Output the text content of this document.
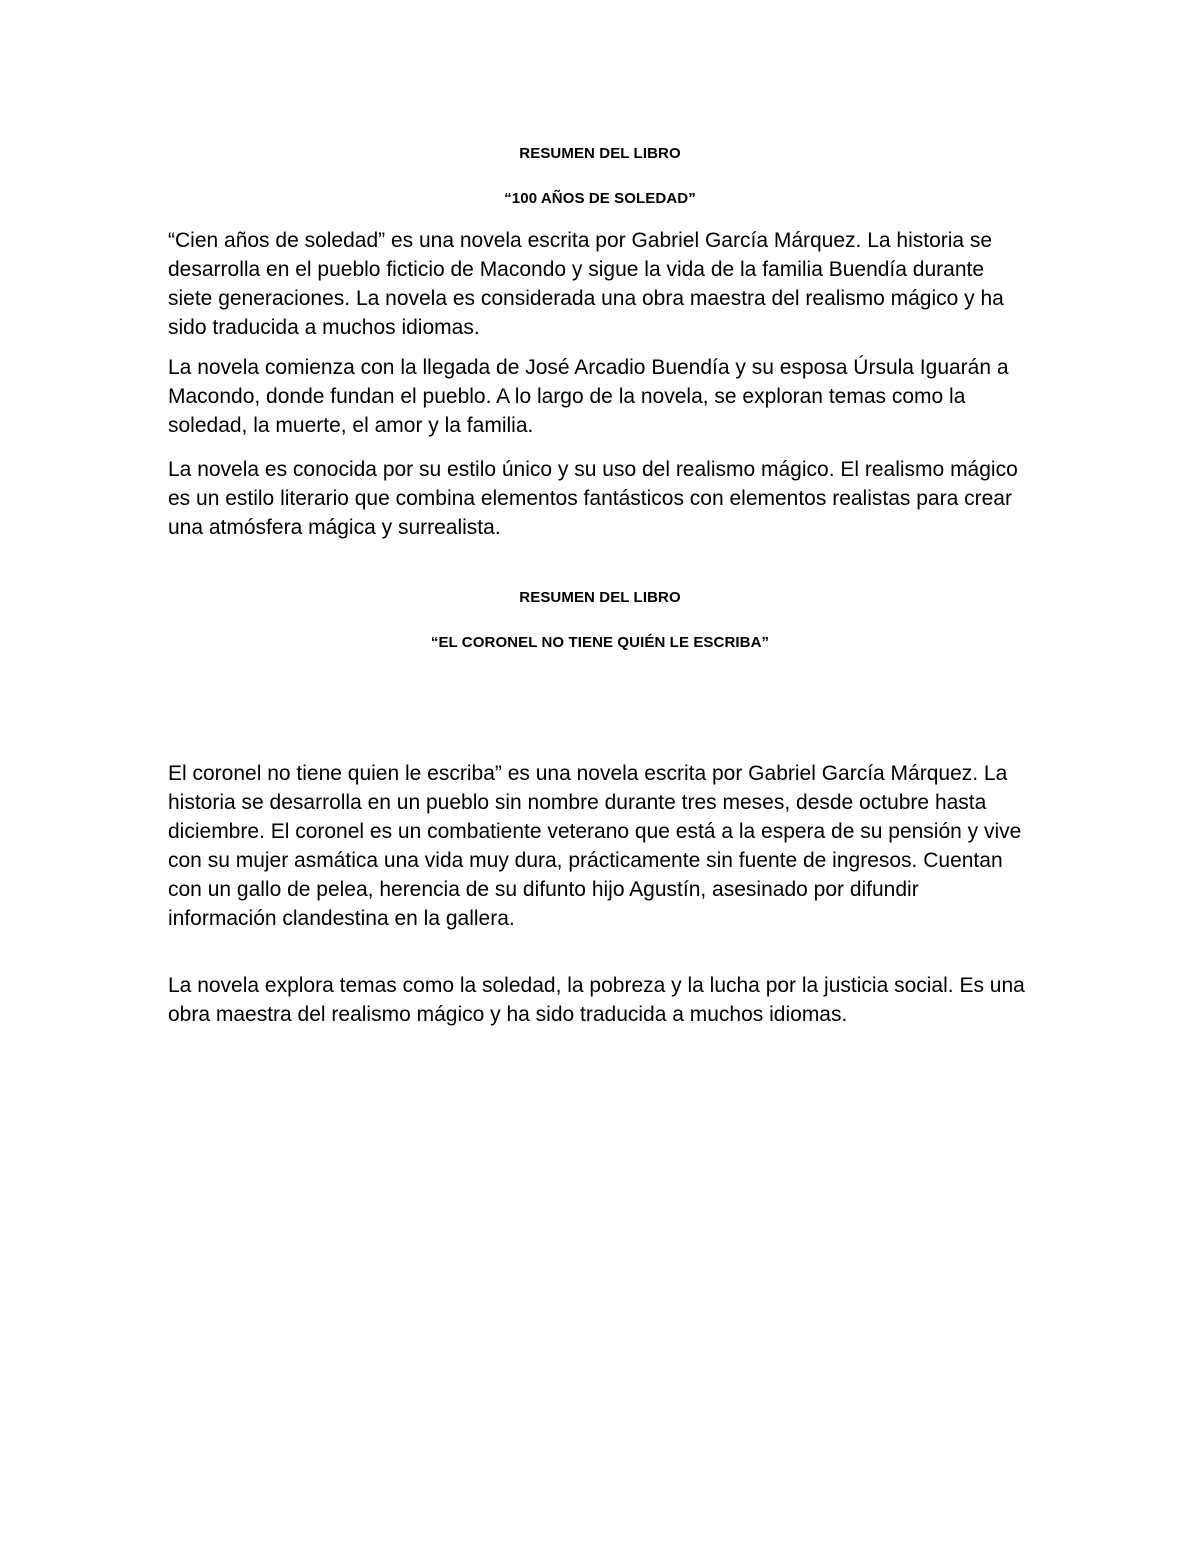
RESUMEN DEL LIBRO
“100 AÑOS DE SOLEDAD”

“Cien años de soledad” es una novela escrita por Gabriel García Márquez. La historia se desarrolla en el pueblo ficticio de Macondo y sigue la vida de la familia Buendía durante siete generaciones. La novela es considerada una obra maestra del realismo mágico y ha sido traducida a muchos idiomas.

La novela comienza con la llegada de José Arcadio Buendía y su esposa Úrsula Iguarán a Macondo, donde fundan el pueblo. A lo largo de la novela, se exploran temas como la soledad, la muerte, el amor y la familia.

La novela es conocida por su estilo único y su uso del realismo mágico. El realismo mágico es un estilo literario que combina elementos fantásticos con elementos realistas para crear una atmósfera mágica y surrealista.

RESUMEN DEL LIBRO
“EL CORONEL NO TIENE QUIÉN LE ESCRIBA”

El coronel no tiene quien le escriba” es una novela escrita por Gabriel García Márquez. La historia se desarrolla en un pueblo sin nombre durante tres meses, desde octubre hasta diciembre. El coronel es un combatiente veterano que está a la espera de su pensión y vive con su mujer asmática una vida muy dura, prácticamente sin fuente de ingresos. Cuentan con un gallo de pelea, herencia de su difunto hijo Agustín, asesinado por difundir información clandestina en la gallera.

La novela explora temas como la soledad, la pobreza y la lucha por la justicia social. Es una obra maestra del realismo mágico y ha sido traducida a muchos idiomas.
